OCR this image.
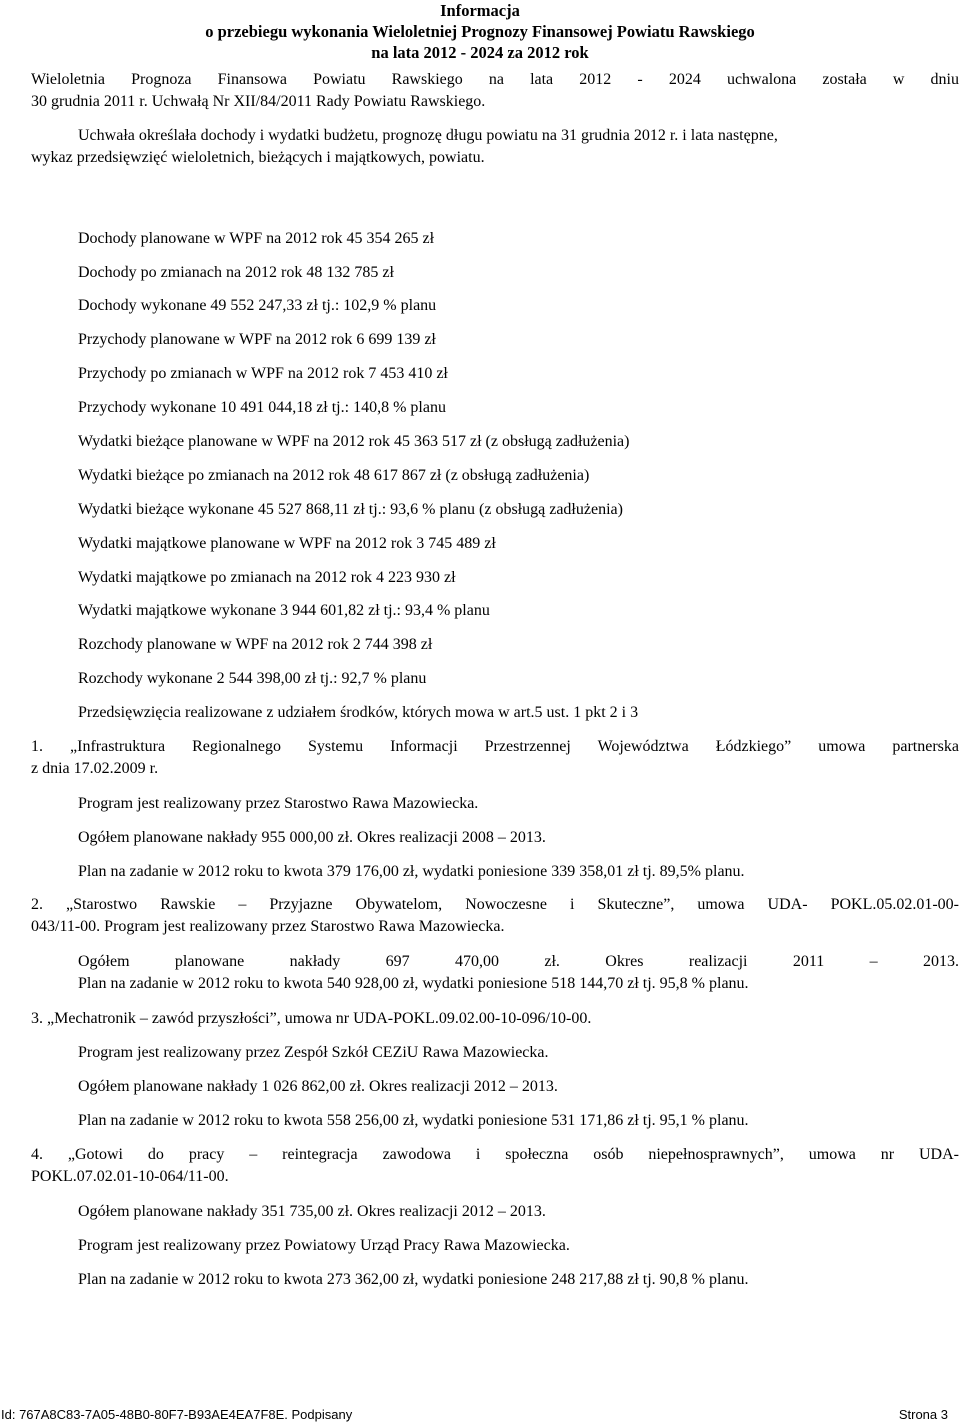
Informacja
o przebiegu wykonania Wieloletniej Prognozy Finansowej Powiatu Rawskiego
na lata 2012 - 2024 za 2012 rok
Wieloletnia Prognoza Finansowa Powiatu Rawskiego na lata 2012 - 2024 uchwalona została w dniu
30 grudnia 2011 r. Uchwałą Nr XII/84/2011 Rady Powiatu Rawskiego.
Uchwała określała dochody i wydatki budżetu, prognozę długu powiatu na 31 grudnia 2012 r. i lata następne,
wykaz przedsięwzięć wieloletnich, bieżących i majątkowych, powiatu.
Dochody planowane w WPF na 2012 rok 45 354 265 zł
Dochody po zmianach na 2012 rok 48 132 785 zł
Dochody wykonane 49 552 247,33 zł tj.: 102,9 % planu
Przychody planowane w WPF na 2012 rok 6 699 139 zł
Przychody po zmianach w WPF na 2012 rok 7 453 410 zł
Przychody wykonane 10 491 044,18 zł tj.: 140,8 % planu
Wydatki bieżące planowane w WPF na 2012 rok 45 363 517 zł (z obsługą zadłużenia)
Wydatki bieżące po zmianach na 2012 rok 48 617 867 zł (z obsługą zadłużenia)
Wydatki bieżące wykonane 45 527 868,11 zł tj.: 93,6 % planu (z obsługą zadłużenia)
Wydatki majątkowe planowane w WPF na 2012 rok 3 745 489 zł
Wydatki majątkowe po zmianach na 2012 rok 4 223 930 zł
Wydatki majątkowe wykonane 3 944 601,82 zł tj.: 93,4 % planu
Rozchody planowane w WPF na 2012 rok 2 744 398 zł
Rozchody wykonane 2 544 398,00 zł tj.: 92,7 % planu
Przedsięwzięcia realizowane z udziałem środków, których mowa w art.5 ust. 1 pkt 2 i 3
1. „Infrastruktura Regionalnego Systemu Informacji Przestrzennej Województwa Łódzkiego” umowa partnerska
z dnia 17.02.2009 r.
Program jest realizowany przez Starostwo Rawa Mazowiecka.
Ogółem planowane nakłady 955 000,00 zł. Okres realizacji 2008 – 2013.
Plan na zadanie w 2012 roku to kwota 379 176,00 zł, wydatki poniesione 339 358,01 zł tj. 89,5% planu.
2. „Starostwo Rawskie – Przyjazne Obywatelom, Nowoczesne i Skuteczne”, umowa UDA- POKL.05.02.01-00-
043/11-00. Program jest realizowany przez Starostwo Rawa Mazowiecka.
Ogółem planowane nakłady 697 470,00 zł. Okres realizacji 2011 – 2013.
Plan na zadanie w 2012 roku to kwota 540 928,00 zł, wydatki poniesione 518 144,70 zł tj. 95,8 % planu.
3. „Mechatronik – zawód przyszłości”, umowa nr UDA-POKL.09.02.00-10-096/10-00.
Program jest realizowany przez Zespół Szkół CEZiU Rawa Mazowiecka.
Ogółem planowane nakłady 1 026 862,00 zł. Okres realizacji 2012 – 2013.
Plan na zadanie w 2012 roku to kwota 558 256,00 zł, wydatki poniesione 531 171,86 zł tj. 95,1 % planu.
4. „Gotowi do pracy – reintegracja zawodowa i społeczna osób niepełnosprawnych”, umowa nr UDA-
POKL.07.02.01-10-064/11-00.
Ogółem planowane nakłady 351 735,00 zł. Okres realizacji 2012 – 2013.
Program jest realizowany przez Powiatowy Urząd Pracy Rawa Mazowiecka.
Plan na zadanie w 2012 roku to kwota 273 362,00 zł, wydatki poniesione 248 217,88 zł tj. 90,8 % planu.
Id: 767A8C83-7A05-48B0-80F7-B93AE4EA7F8E. Podpisany	Strona 3
